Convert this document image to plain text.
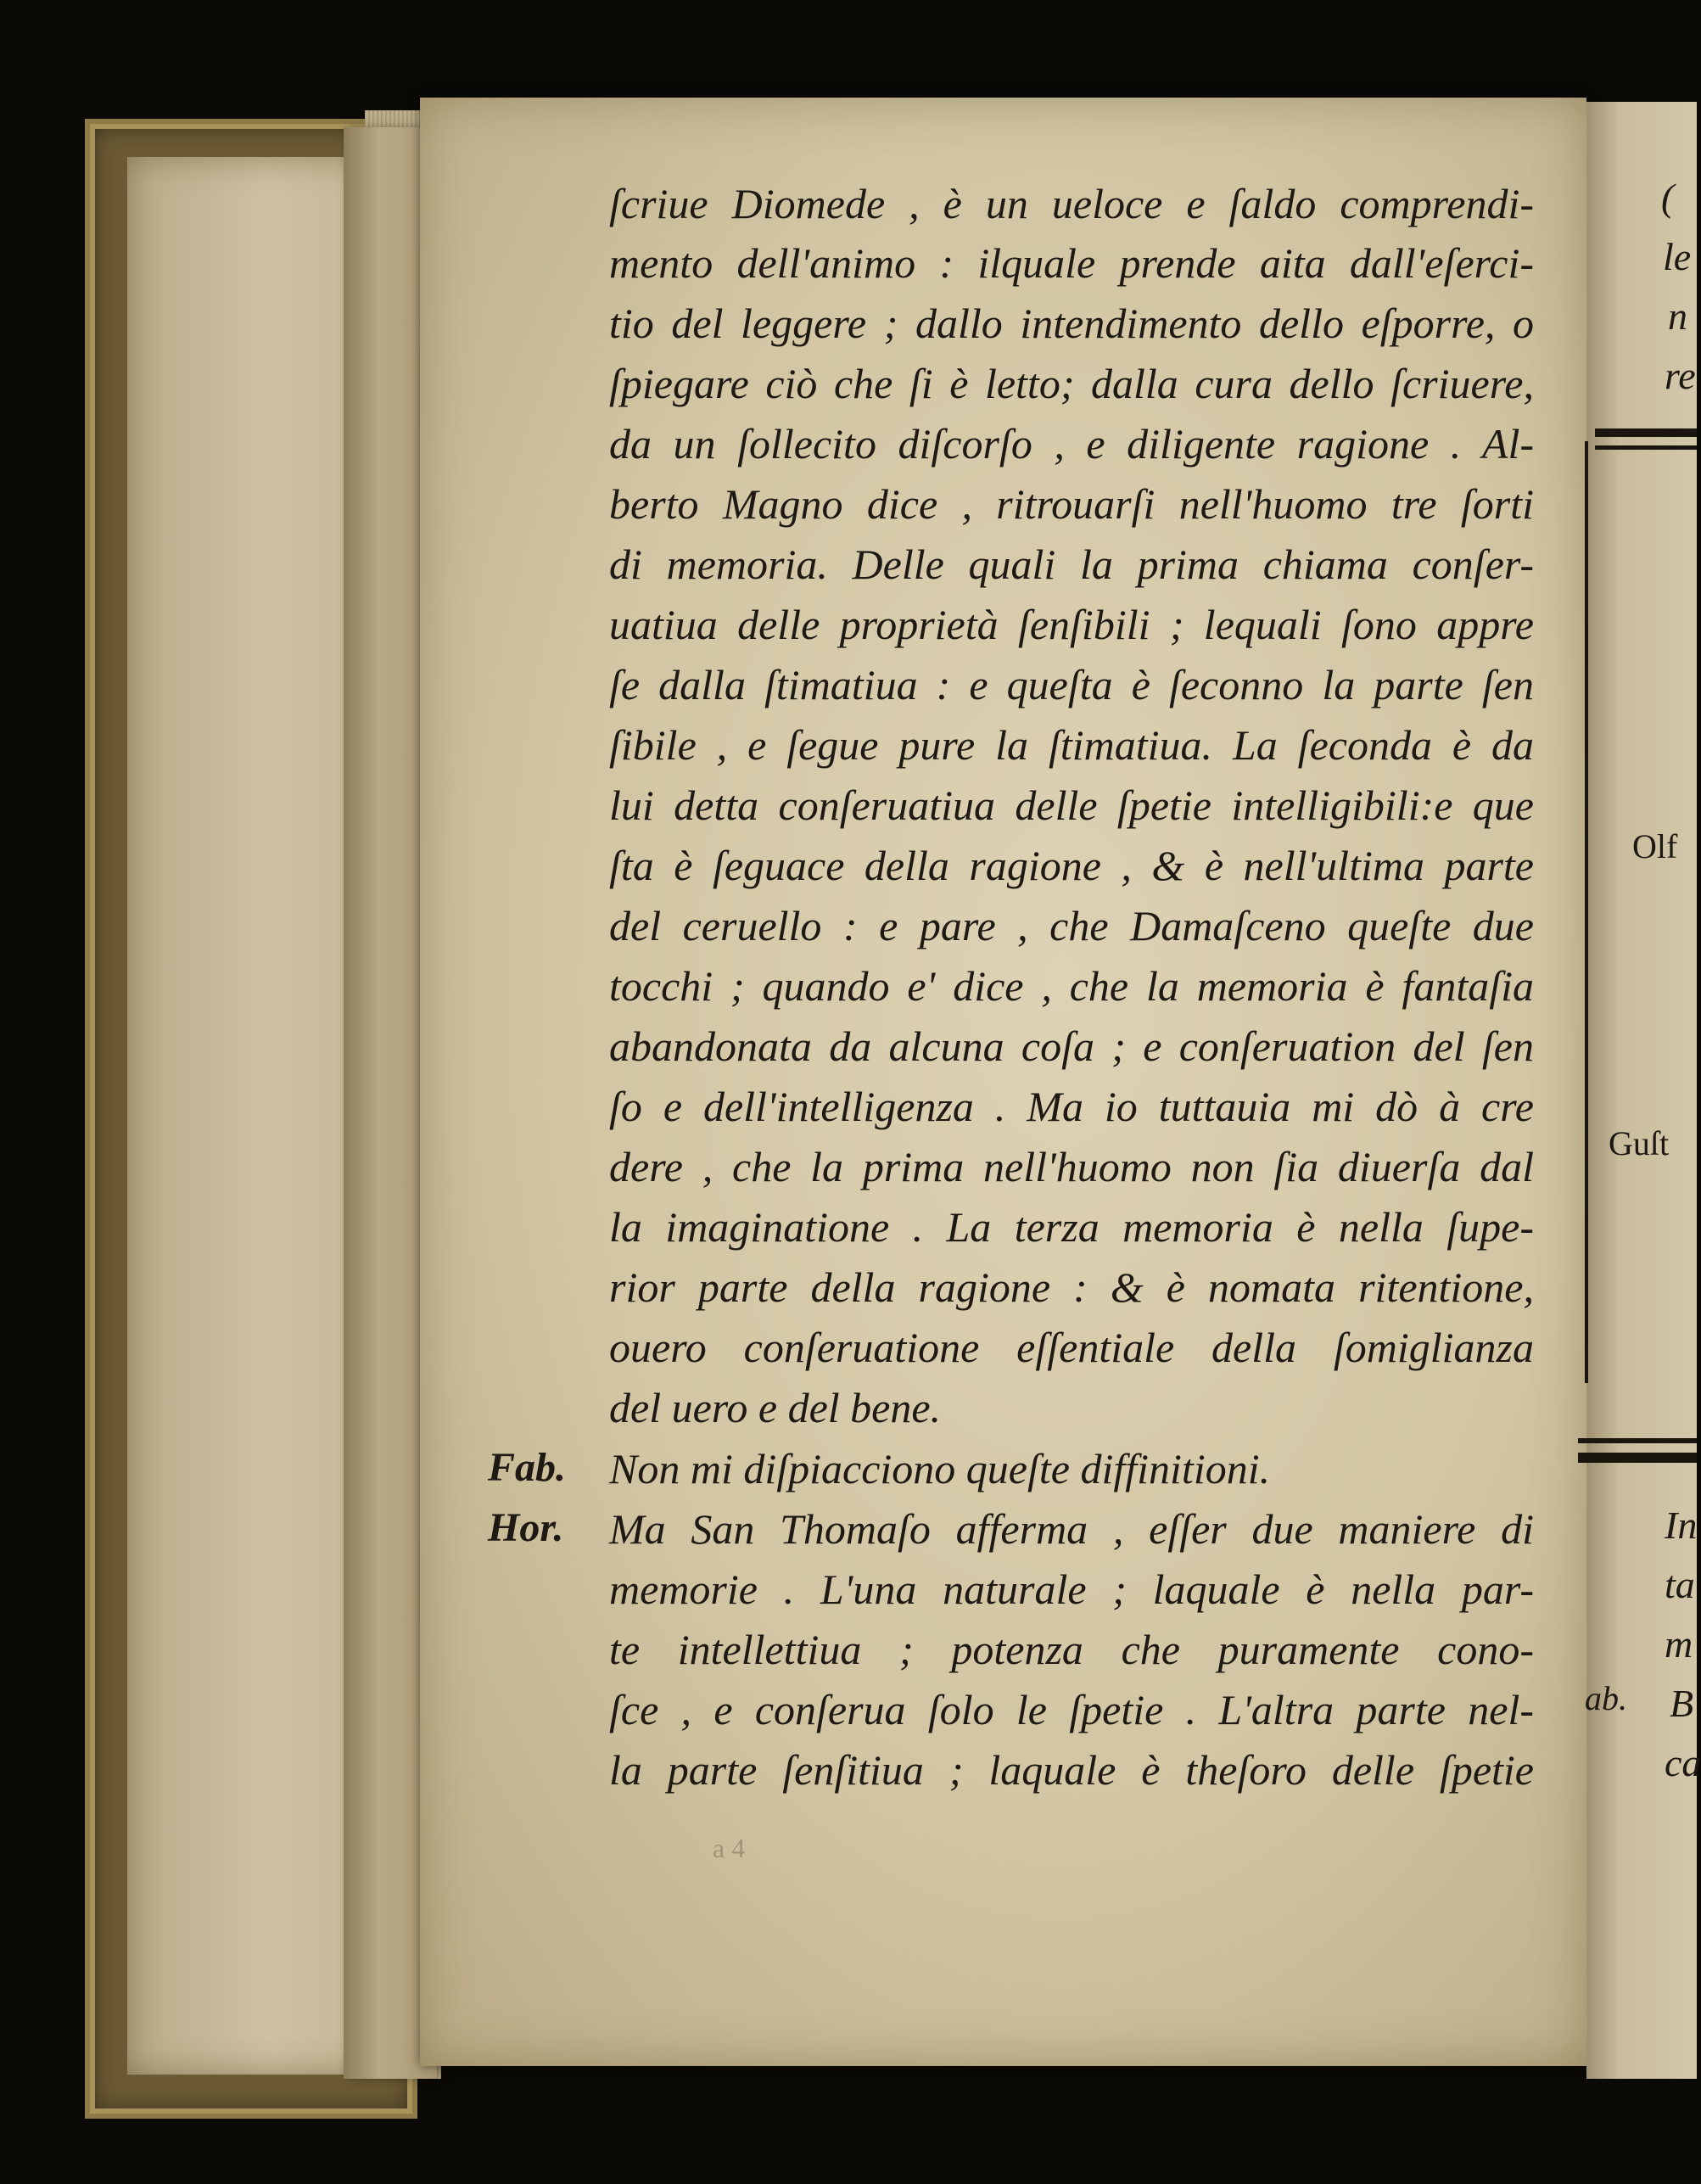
ſcriue Diomede , è un ueloce e ſaldo comprendi-
mento dell'animo : ilquale prende aita dall'eſerci-
tio del leggere ; dallo intendimento dello eſporre, o
ſpiegare ciò che ſi è letto; dalla cura dello ſcriuere,
da un ſollecito diſcorſo , e diligente ragione . Al-
berto Magno dice , ritrouarſi nell'huomo tre ſorti
di memoria. Delle quali la prima chiama conſer-
uatiua delle proprietà ſenſibili ; lequali ſono appre
ſe dalla ſtimatiua : e queſta è ſeconno la parte ſen
ſibile , e ſegue pure la ſtimatiua. La ſeconda è da
lui detta conſeruatiua delle ſpetie intelligibili:e que
ſta è ſeguace della ragione , & è nell'ultima parte
del ceruello : e pare , che Damaſceno queſte due
tocchi ; quando e' dice , che la memoria è fantaſia
abandonata da alcuna coſa ; e conſeruation del ſen
ſo e dell'intelligenza . Ma io tuttauia mi dò à cre
dere , che la prima nell'huomo non ſia diuerſa dal
la imaginatione . La terza memoria è nella ſupe-
rior parte della ragione : & è nomata ritentione,
ouero conſeruatione eſſentiale della ſomiglianza
del uero e del bene.
Fab. Non mi diſpiacciono queſte diffinitioni.
Hor. Ma San Thomaſo afferma , eſſer due maniere di
memorie . L'una naturale ; laquale è nella par-
te intellettiua ; potenza che puramente cono-
ſce , e conſerua ſolo le ſpetie . L'altra parte nel-
la parte ſenſitiua ; laquale è theſoro delle ſpetie
a 4
(
le
n
re
Olf
Guſt
In
ta
m
ab. B
ca
